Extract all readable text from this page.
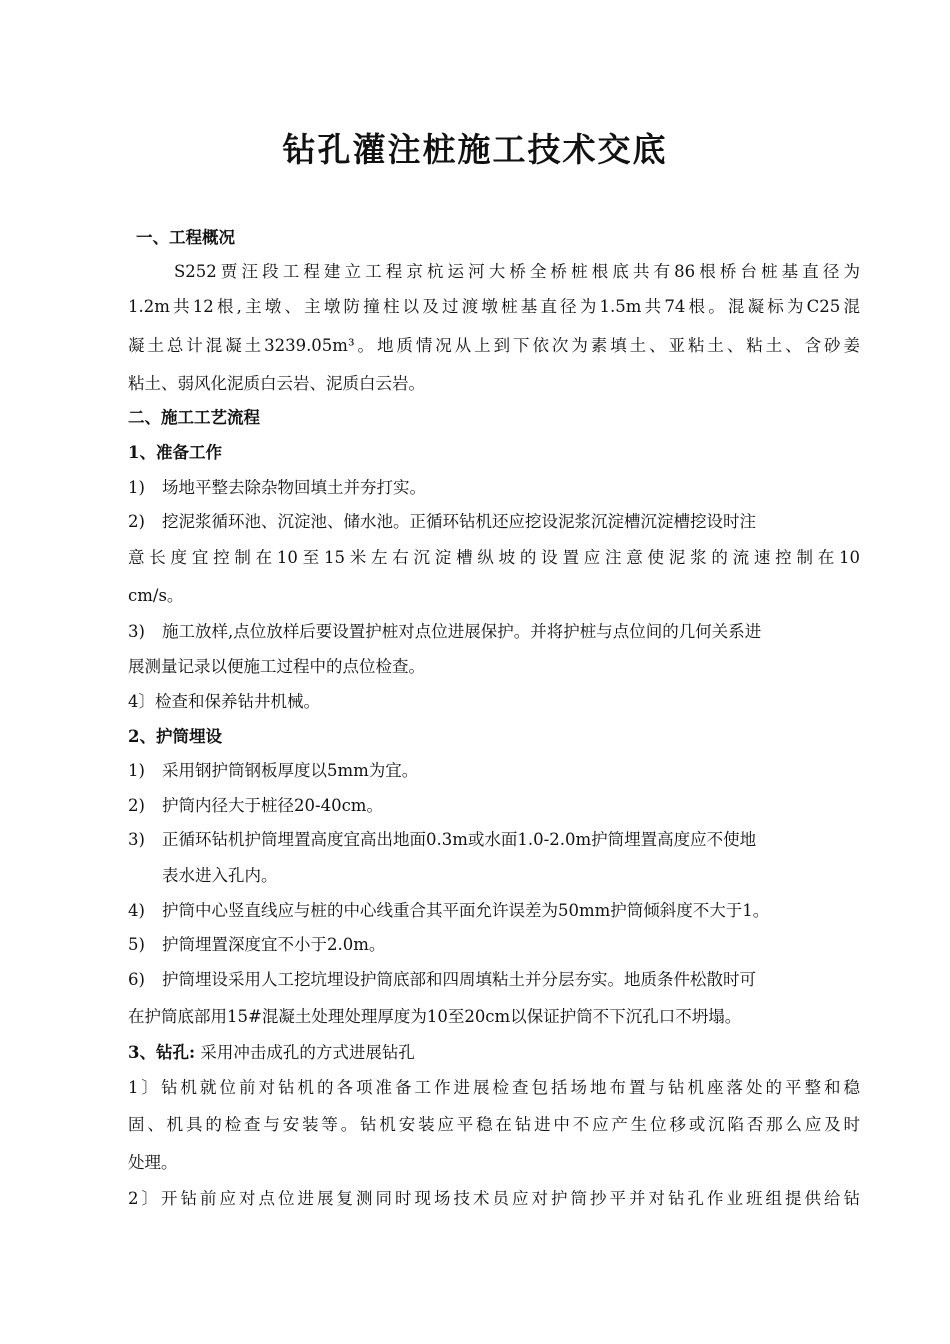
钻孔灌注桩施工技术交底
一、工程概况
S252贾汪段工程建立工程京杭运河大桥全桥桩根底共有86根桥台桩基直径为
1.2m共12根,主墩、主墩防撞柱以及过渡墩桩基直径为1.5m共74根。混凝标为C25混
凝土总计混凝土3239.05m³。地质情况从上到下依次为素填土、亚粘土、粘土、含砂姜
粘土、弱风化泥质白云岩、泥质白云岩。
二、施工工艺流程
1、准备工作
1) 场地平整去除杂物回填土并夯打实。
2) 挖泥浆循环池、沉淀池、储水池。正循环钻机还应挖设泥浆沉淀槽沉淀槽挖设时注
意长度宜控制在10至15米左右沉淀槽纵坡的设置应注意使泥浆的流速控制在10
cm/s。
3) 施工放样,点位放样后要设置护桩对点位进展保护。并将护桩与点位间的几何关系进
展测量记录以便施工过程中的点位检查。
4〕检查和保养钻井机械。
2、护筒埋设
1) 采用钢护筒钢板厚度以5mm为宜。
2) 护筒内径大于桩径20-40cm。
3) 正循环钻机护筒埋置高度宜高出地面0.3m或水面1.0-2.0m护筒埋置高度应不使地
表水进入孔内。
4) 护筒中心竖直线应与桩的中心线重合其平面允许误差为50mm护筒倾斜度不大于1。
5) 护筒埋置深度宜不小于2.0m。
6) 护筒埋设采用人工挖坑埋设护筒底部和四周填粘土并分层夯实。地质条件松散时可
在护筒底部用15#混凝土处理处理厚度为10至20cm以保证护筒不下沉孔口不坍塌。
3、钻孔: 采用冲击成孔的方式进展钻孔
1〕钻机就位前对钻机的各项准备工作进展检查包括场地布置与钻机座落处的平整和稳
固、机具的检查与安装等。钻机安装应平稳在钻进中不应产生位移或沉陷否那么应及时
处理。
2〕开钻前应对点位进展复测同时现场技术员应对护筒抄平并对钻孔作业班组提供给钻
